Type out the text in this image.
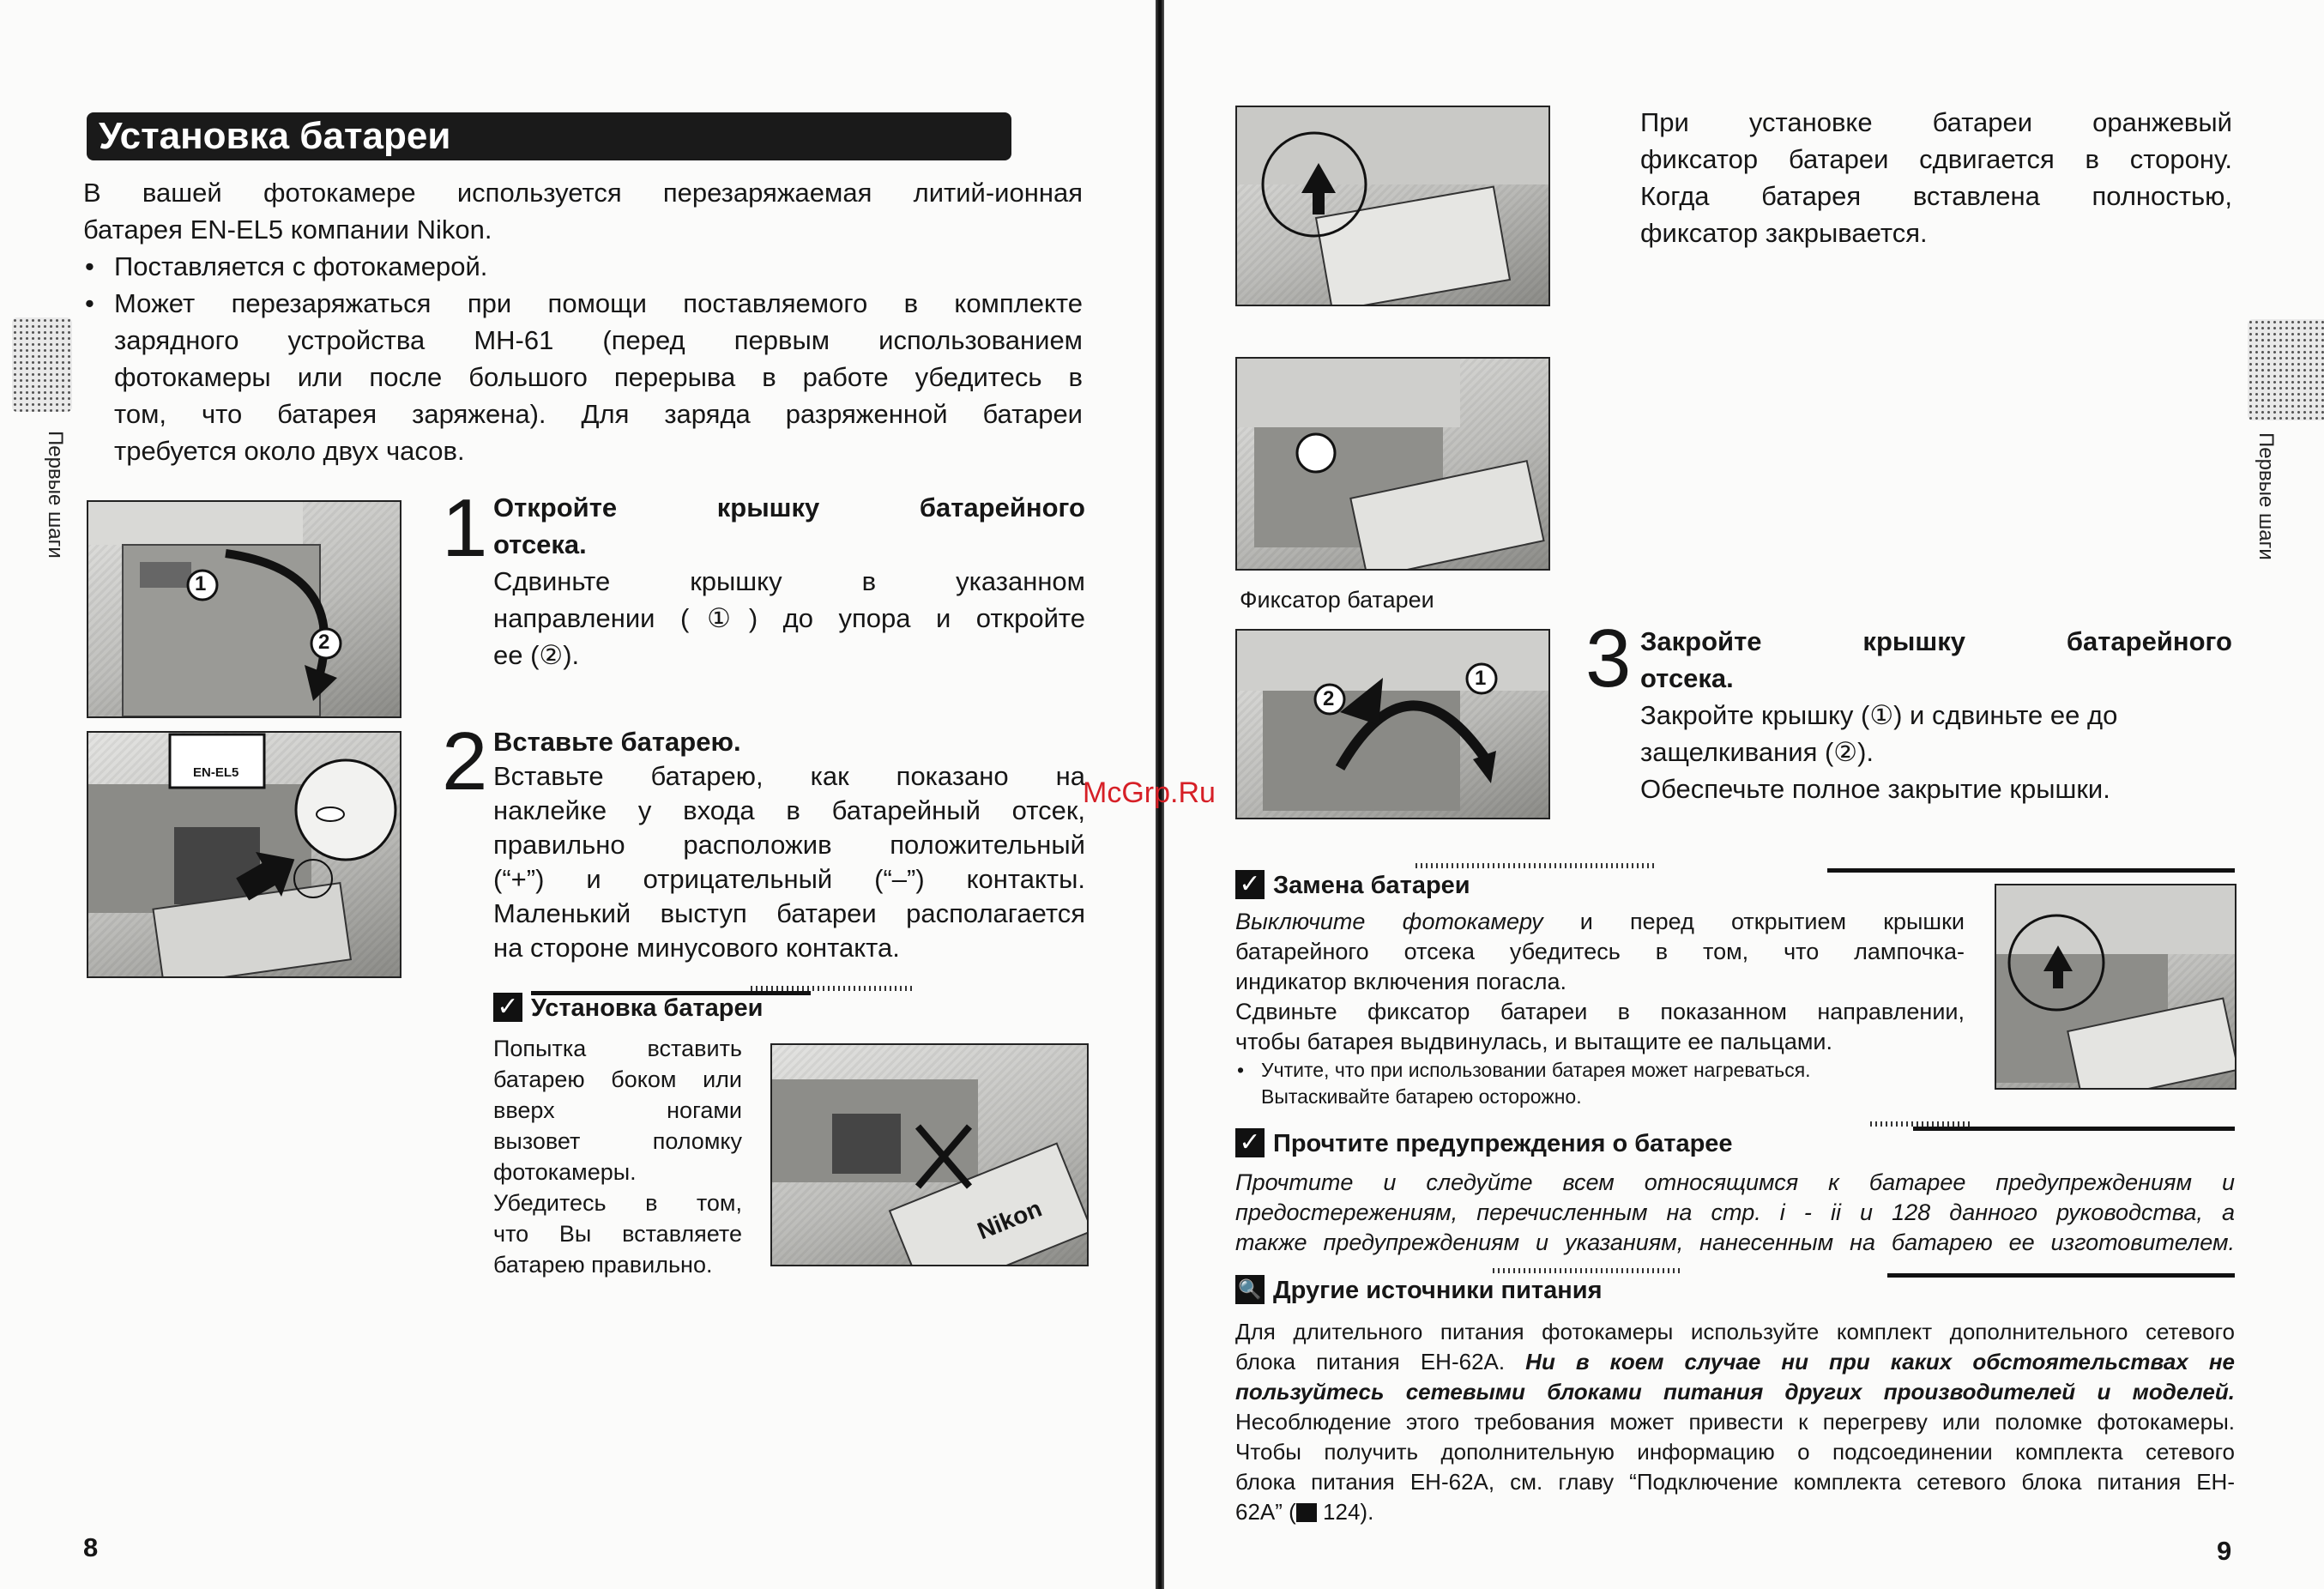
Установка батареи
В вашей фотокамере используется перезаряжаемая литий-ионная
батарея EN-EL5 компании Nikon.
• Поставляется с фотокамерой.
• Может перезаряжаться при помощи поставляемого в комплекте
зарядного устройства MH-61 (перед первым использованием
фотокамеры или после большого перерыва в работе убедитесь в
том, что батарея заряжена). Для заряда разряженной батареи
требуется около двух часов.
Первые шаги
1
2
1 Откройте крышку батарейного
отсека.
Сдвиньте крышку в указанном
направлении (①) до упора и откройте
ее (②).
EN-EL5 2 Вставьте батарею.
Вставьте батарею, как показано на
наклейке у входа в батарейный отсек,
правильно расположив положительный
(“+”) и отрицательный (“–”) контакты.
Маленький выступ батареи располагается
на стороне минусового контакта.
✓ Установка батареи
Попытка вставить
батарею боком или
вверх ногами
вызовет поломку
фотокамеры.
Убедитесь в том,
что Вы вставляете
батарею правильно.
Nikon
8
При установке батареи оранжевый
фиксатор батареи сдвигается в сторону.
Когда батарея вставлена полностью,
фиксатор закрывается.
Фиксатор батареи
2
1 3 Закройте крышку батарейного
отсека.
Закройте крышку (①) и сдвиньте ее до
защелкивания (②).
Обеспечьте полное закрытие крышки.
McGrp.Ru
Первые шаги
✓ Замена батареи
Выключите фотокамеру и перед открытием крышки
батарейного отсека убедитесь в том, что лампочка-
индикатор включения погасла.
Сдвиньте фиксатор батареи в показанном направлении,
чтобы батарея выдвинулась, и вытащите ее пальцами.
• Учтите, что при использовании батарея может нагреваться.
Вытаскивайте батарею осторожно.
✓ Прочтите предупреждения о батарее
Прочтите и следуйте всем относящимся к батарее предупреждениям и
предостережениям, перечисленным на стр. i - ii и 128 данного руководства, а
также предупреждениям и указаниям, нанесенным на батарею ее изготовителем.
🔍 Другие источники питания
Для длительного питания фотокамеры используйте комплект дополнительного сетевого
блока питания EH-62A. Ни в коем случае ни при каких обстоятельствах не
пользуйтесь сетевыми блоками питания других производителей и моделей.
Несоблюдение этого требования может привести к перегреву или поломке фотокамеры.
Чтобы получить дополнительную информацию о подсоединении комплекта сетевого
блока питания EH-62A, см. главу “Подключение комплекта сетевого блока питания EH-
62A” ( 124).
9
